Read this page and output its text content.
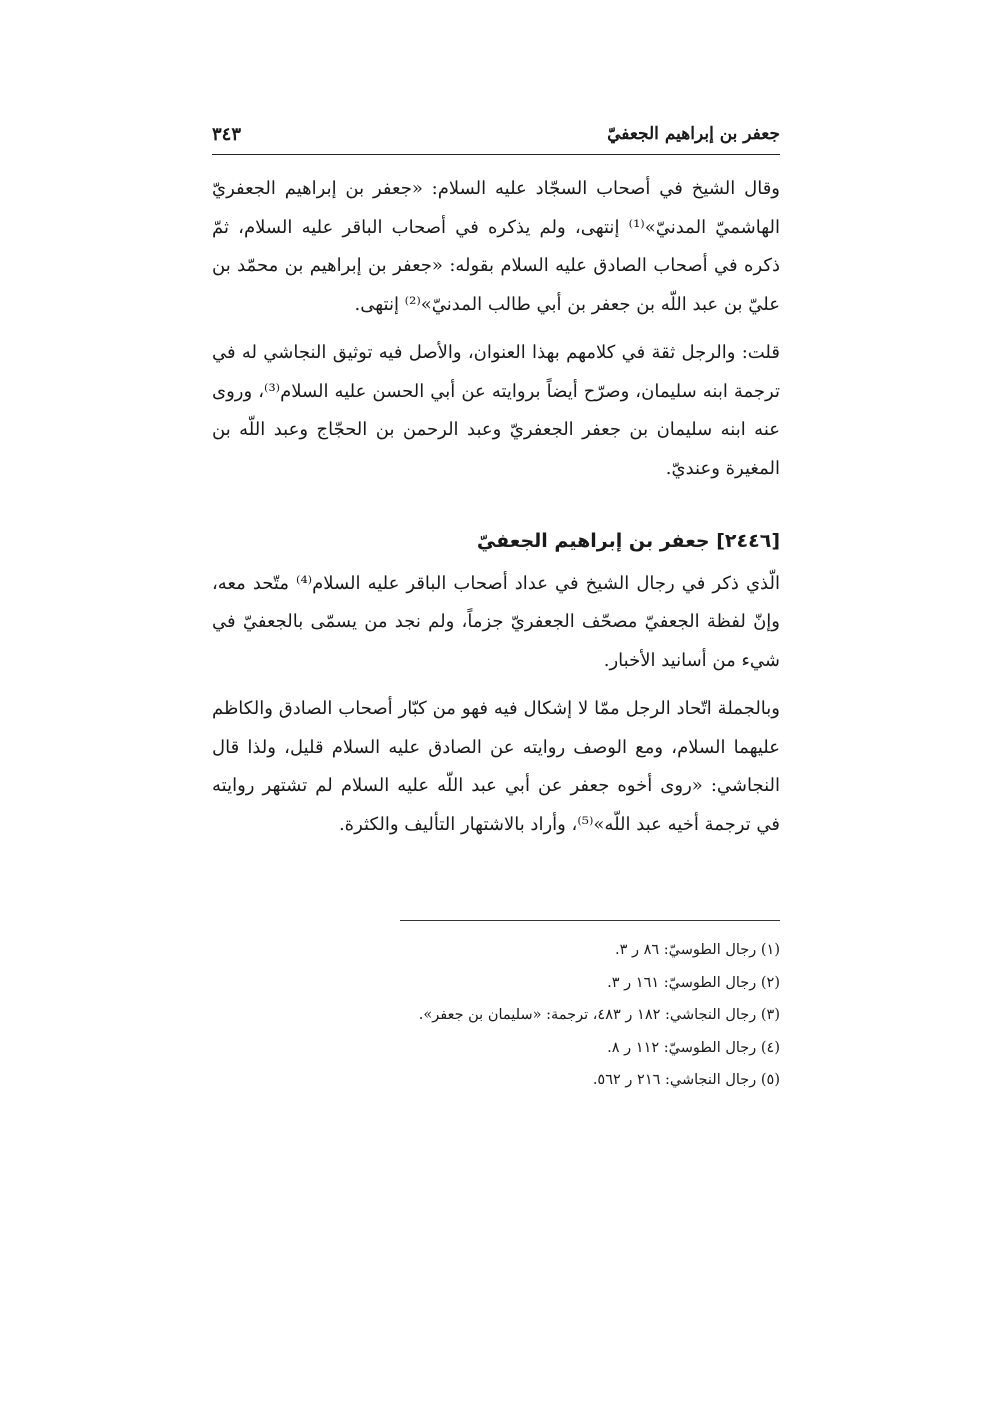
جعفر بن إبراهيم الجعفيّ
٣٤٣

وقال الشيخ في أصحاب السجّاد عليه السلام: «جعفر بن إبراهيم الجعفريّ الهاشميّ المدنيّ»⁽¹⁾ إنتهى، ولم يذكره في أصحاب الباقر عليه السلام، ثمّ ذكره في أصحاب الصادق عليه السلام بقوله: «جعفر بن إبراهيم بن محمّد بن عليّ بن عبد اللّه بن جعفر بن أبي طالب المدنيّ»⁽²⁾ إنتهى.

قلت: والرجل ثقة في كلامهم بهذا العنوان، والأصل فيه توثيق النجاشي له في ترجمة ابنه سليمان، وصرّح أيضاً بروايته عن أبي الحسن عليه السلام⁽³⁾، وروى عنه ابنه سليمان بن جعفر الجعفريّ وعبد الرحمن بن الحجّاج وعبد اللّه بن المغيرة وعنديّ.

[٢٤٤٦] جعفر بن إبراهيم الجعفيّ

الّذي ذكر في رجال الشيخ في عداد أصحاب الباقر عليه السلام⁽⁴⁾ متّحد معه، وإنّ لفظة الجعفيّ مصحّف الجعفريّ جزماً، ولم نجد من يسمّى بالجعفيّ في شيء من أسانيد الأخبار.

وبالجملة اتّحاد الرجل ممّا لا إشكال فيه فهو من كبّار أصحاب الصادق والكاظم عليهما السلام، ومع الوصف روايته عن الصادق عليه السلام قليل، ولذا قال النجاشي: «روى أخوه جعفر عن أبي عبد اللّه عليه السلام لم تشتهر روايته في ترجمة أخيه عبد اللّه»⁽⁵⁾، وأراد بالاشتهار التأليف والكثرة.

(١) رجال الطوسيّ: ٨٦ ر ٣.
(٢) رجال الطوسيّ: ١٦١ ر ٣.
(٣) رجال النجاشي: ١٨٢ ر ٤٨٣، ترجمة: «سليمان بن جعفر».
(٤) رجال الطوسيّ: ١١٢ ر ٨.
(٥) رجال النجاشي: ٢١٦ ر ٥٦٢.
